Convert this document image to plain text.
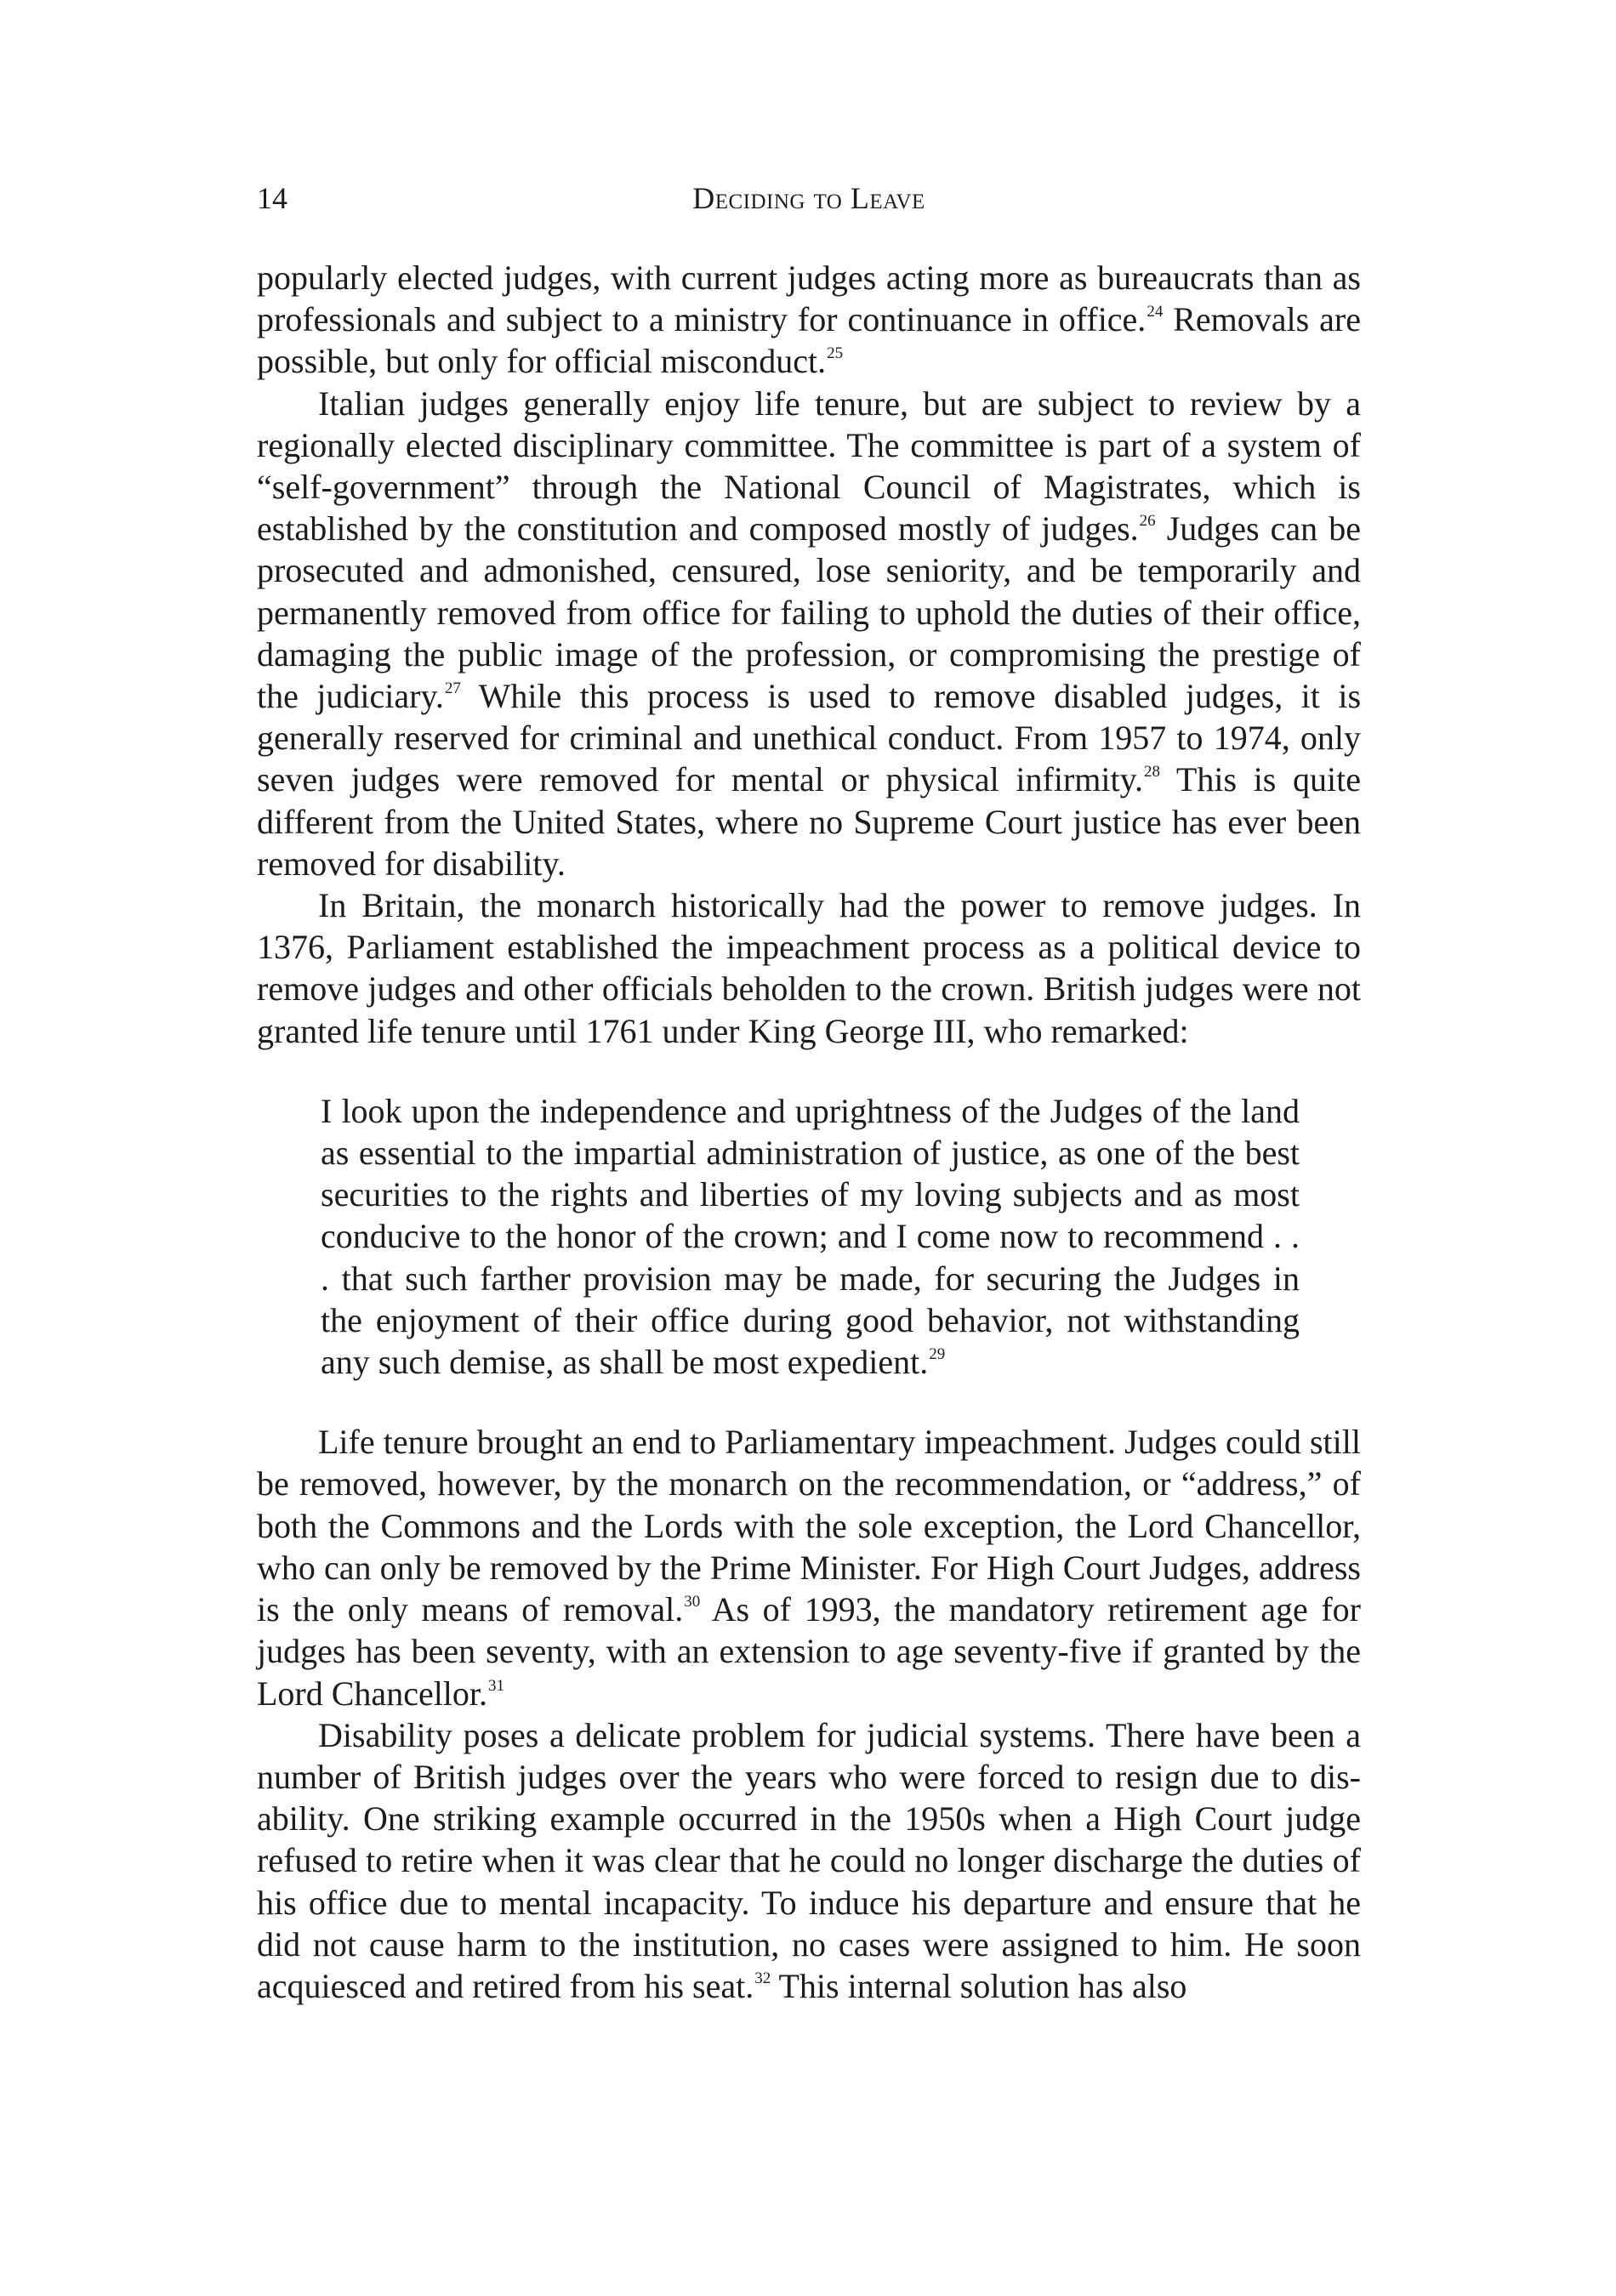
14	Deciding to Leave

popularly elected judges, with current judges acting more as bureaucrats than as professionals and subject to a ministry for continuance in office.$^{24}$ Removals are possible, but only for official misconduct.$^{25}$

Italian judges generally enjoy life tenure, but are subject to review by a regionally elected disciplinary committee. The committee is part of a system of “self-government” through the National Council of Magistrates, which is established by the constitution and composed mostly of judges.$^{26}$ Judges can be prosecuted and admonished, censured, lose seniority, and be temporarily and permanently removed from office for failing to uphold the duties of their office, damaging the public image of the profession, or compromising the prestige of the judiciary.$^{27}$ While this process is used to remove disabled judges, it is generally reserved for criminal and unethical conduct. From 1957 to 1974, only seven judges were removed for mental or physical infirmity.$^{28}$ This is quite different from the United States, where no Supreme Court justice has ever been removed for disability.

In Britain, the monarch historically had the power to remove judges. In 1376, Parliament established the impeachment process as a political device to remove judges and other officials beholden to the crown. British judges were not granted life tenure until 1761 under King George III, who remarked:

I look upon the independence and uprightness of the Judges of the land as essential to the impartial administration of justice, as one of the best securities to the rights and liberties of my loving subjects and as most conducive to the honor of the crown; and I come now to recommend . . . that such farther provision may be made, for securing the Judges in the enjoyment of their office during good behavior, not withstanding any such demise, as shall be most expedient.$^{29}$

Life tenure brought an end to Parliamentary impeachment. Judges could still be removed, however, by the monarch on the recommendation, or “address,” of both the Commons and the Lords with the sole exception, the Lord Chancellor, who can only be removed by the Prime Minister. For High Court Judges, address is the only means of removal.$^{30}$ As of 1993, the mandatory retirement age for judges has been seventy, with an extension to age seventy-five if granted by the Lord Chancellor.$^{31}$

Disability poses a delicate problem for judicial systems. There have been a number of British judges over the years who were forced to resign due to disability. One striking example occurred in the 1950s when a High Court judge refused to retire when it was clear that he could no longer discharge the duties of his office due to mental incapacity. To induce his departure and ensure that he did not cause harm to the institution, no cases were assigned to him. He soon acquiesced and retired from his seat.$^{32}$ This internal solution has also
